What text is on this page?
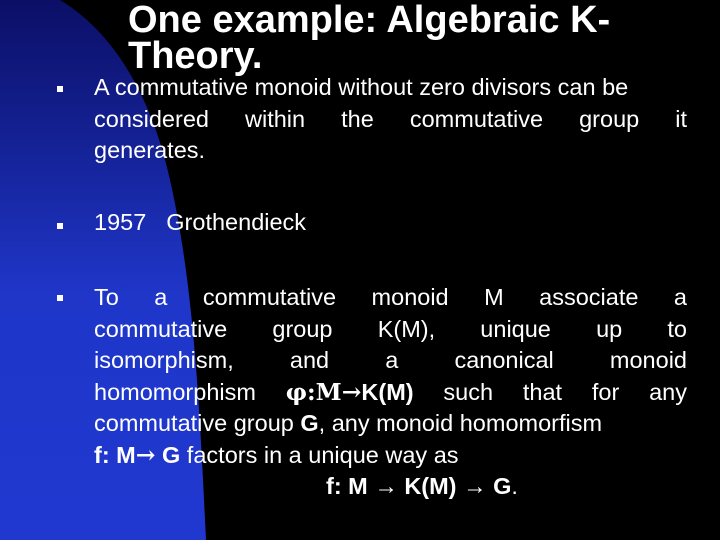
One example: Algebraic K-
Theory.
A commutative monoid without zero divisors can be
considered within the commutative group it
generates.
1957 Grothendieck
To a commutative monoid M associate a
commutative group K(M), unique up to
isomorphism, and a canonical monoid
homomorphism φ:M→K(M) such that for any
commutative group G, any monoid homomorfism
f: M→ G factors in a unique way as
f: M → K(M) → G.
